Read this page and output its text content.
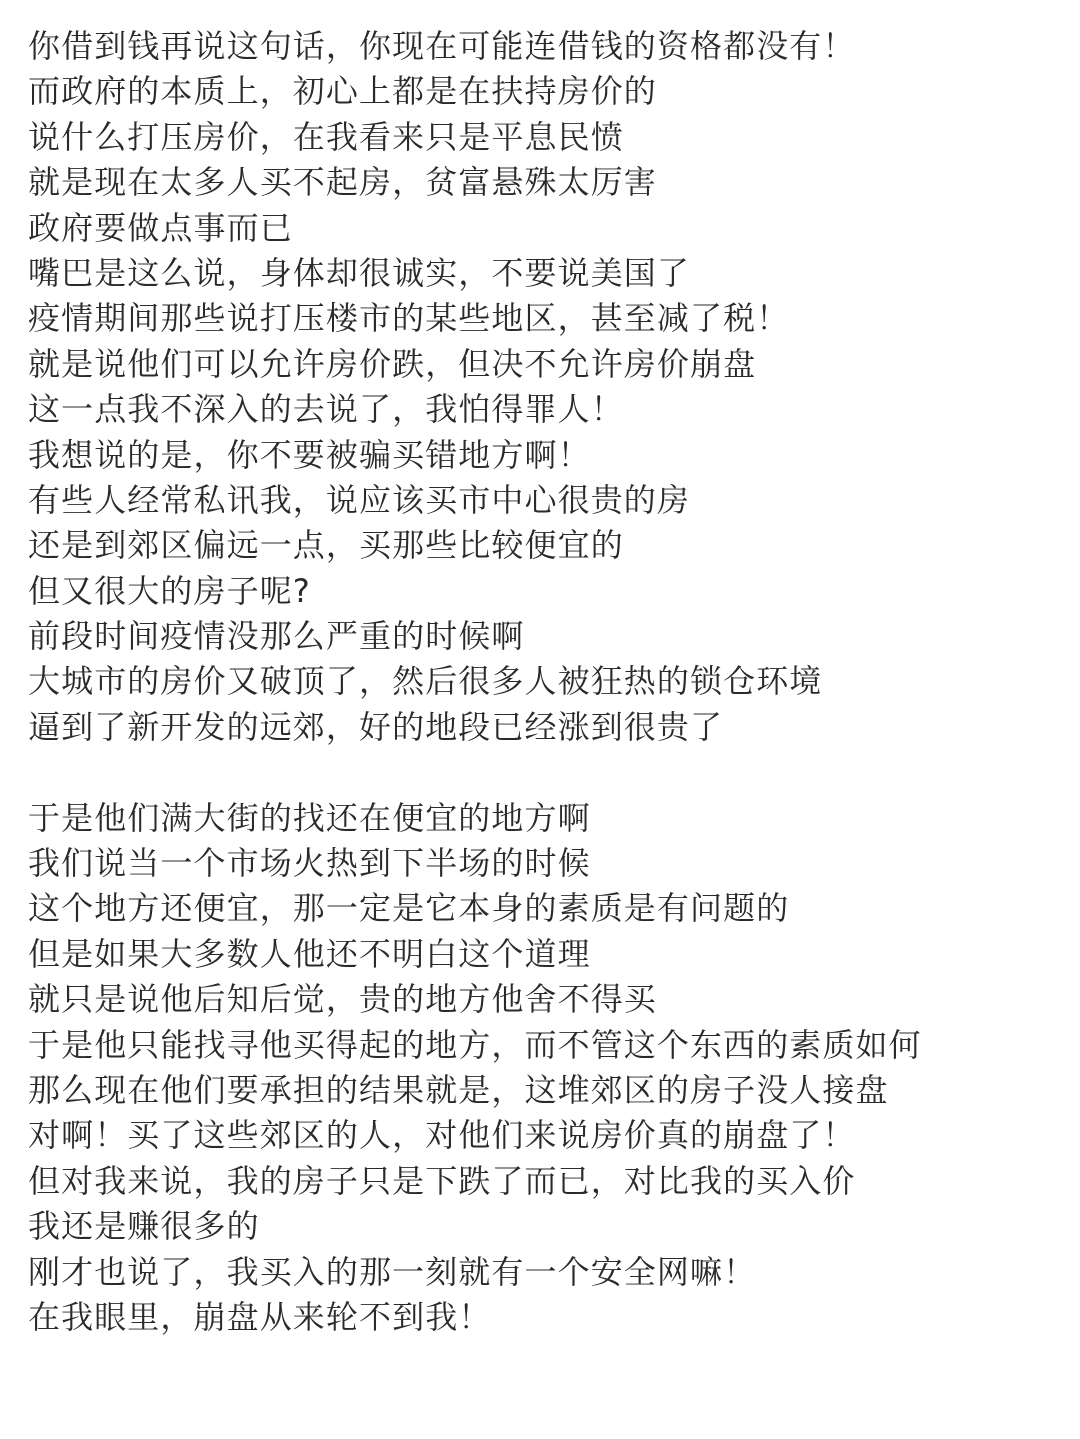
你借到钱再说这句话，你现在可能连借钱的资格都没有！
而政府的本质上，初心上都是在扶持房价的
说什么打压房价，在我看来只是平息民愤
就是现在太多人买不起房，贫富悬殊太厉害
政府要做点事而已
嘴巴是这么说，身体却很诚实，不要说美国了
疫情期间那些说打压楼市的某些地区，甚至减了税！
就是说他们可以允许房价跌，但决不允许房价崩盘
这一点我不深入的去说了，我怕得罪人！
我想说的是，你不要被骗买错地方啊！
有些人经常私讯我，说应该买市中心很贵的房
还是到郊区偏远一点，买那些比较便宜的
但又很大的房子呢?
前段时间疫情没那么严重的时候啊
大城市的房价又破顶了，然后很多人被狂热的锁仓环境
逼到了新开发的远郊，好的地段已经涨到很贵了
于是他们满大街的找还在便宜的地方啊
我们说当一个市场火热到下半场的时候
这个地方还便宜，那一定是它本身的素质是有问题的
但是如果大多数人他还不明白这个道理
就只是说他后知后觉，贵的地方他舍不得买
于是他只能找寻他买得起的地方，而不管这个东西的素质如何
那么现在他们要承担的结果就是，这堆郊区的房子没人接盘
对啊！买了这些郊区的人，对他们来说房价真的崩盘了！
但对我来说，我的房子只是下跌了而已，对比我的买入价
我还是赚很多的
刚才也说了，我买入的那一刻就有一个安全网嘛！
在我眼里，崩盘从来轮不到我！
